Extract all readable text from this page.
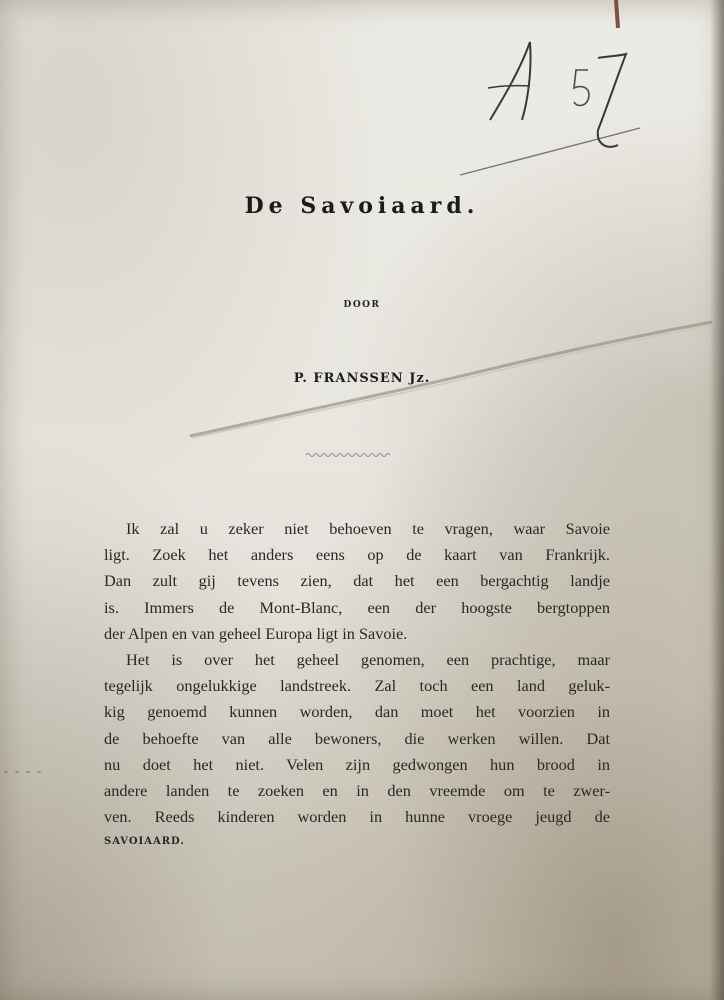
De Savoiaard.
DOOR
P. FRANSSEN Jz.
Ik zal u zeker niet behoeven te vragen, waar Savoie
ligt. Zoek het anders eens op de kaart van Frankrijk.
Dan zult gij tevens zien, dat het een bergachtig landje
is. Immers de Mont-Blanc, een der hoogste bergtoppen
der Alpen en van geheel Europa ligt in Savoie.
Het is over het geheel genomen, een prachtige, maar
tegelijk ongelukkige landstreek. Zal toch een land geluk-
kig genoemd kunnen worden, dan moet het voorzien in
de behoefte van alle bewoners, die werken willen. Dat
nu doet het niet. Velen zijn gedwongen hun brood in
andere landen te zoeken en in den vreemde om te zwer-
ven. Reeds kinderen worden in hunne vroege jeugd de
SAVOIAARD.
- - - -
